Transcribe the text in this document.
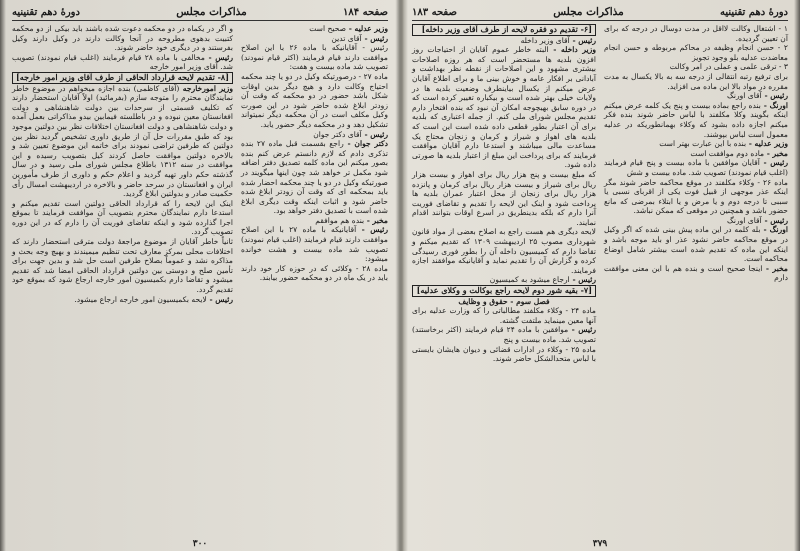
صفحه ۱۸۴
مذاکرات مجلس
دورهٔ دهم تقنینیه

وزیر عدلیه - صحیح است

رئیس - آقای تدین

رئیس - آقایانیکه با ماده ۲۶ با این اصلاح موافقت دارند قیام فرمایند (اکثر قیام نمودند) تصویب شد ماده بیست و هفت:

ماده ۲۷ - درصورتیکه وکیل در دو یا چند محکمه احتیاج وکالت دارد و هیچ دیگر بدین اوقات شکل باشد حضور در دو محکمه که وقت آن زودتر ابلاغ شده حاضر شود در این صورت وکیل مکلف است در آن محکمه دیگر نمیتواند تشکیل دهد و در محکمه دیگر حضور یابد.

رئیس - آقای دکتر جوان

دکتر جوان - راجع بقسمت قبل ماده ۲۷ بنده تذکری دادم که لازم دانستم عرض کنم بنده بصور میکنم این ماده کلمه تصدیق دفتر اضافه شود مکمل تر خواهد شد چون اینها میگویند در صورتیکه وکیل در دو یا چند محکمه احضار شده باید بمحکمه ای که وقت آن زودتر ابلاغ شده حاضر شود و اثبات اینکه وقت دیگری ابلاغ شده است با تصدیق دفتر خواهد بود.

مخبر - بنده هم موافقم

رئیس - آقایانیکه با ماده ۲۷ با این اصلاح موافقت دارند قیام فرمایند (اغلب قیام نمودند) تصویب شد ماده بیست و هشت خوانده میشود:

ماده ۲۸ - وکلائی که در حوزه کار خود دارند باید در یک ماه در دو محکمه حضور بیابند.

و اگر در یکماه در دو محکمه دعوت شده باشند باید بیکی از دو محکمه کتبیت بدهوی مطروحه در آنجا وکالت دارند در وکیل دارند وکیل بفرستند و در دیگری خود حاضر شوند.

رئیس - مخالفی با ماده ۲۸ قیام فرمایند (اغلب قیام نمودند) تصویب شد. آقای وزیر امور خارجه

[۸- تقدیم لایحه قرارداد الحاقی از طرف آقای وزیر امور خارجه]

وزیر امورخارجه (آقای کاظمی) بنده اجازه میخواهم در موضوع خاطر نمایندگان محترم را متوجه سازم (بفرمائید) اولاً آقایان استحضار دارند که تکلیف قسمتی از سرحدات بین دولت شاهنشاهی و دولت افغانستان معین نبوده و در باطلسته فیمابین بیدو مذاکراتی بعمل آمده و دولت شاهنشاهی و دولت افغانستان اختلافات نظر بین دولتین موجود بود که طبق مقررات حل آن از طریق داوری تشخیص گردید نظر بین دولتین که طرفین تراضی نمودند برای خاتمه این موضوع تعیین شد و بالاخره دولتین موافقت حاصل کردند کیل بتصویب رسیده و این موافقت در سنه ۱۳۱۲ باطلاع مجلس شورای ملی رسید و در سال گذشته حکم داور تهیه گردید و اعلام حکم و داوری از طرف مأمورین ایران و افغانستان در سرحد حاضر و بالاخره در اردیبهشت امسال رأی حکمیت صادر و بدولتین ابلاغ گردید.

اینک این لایحه را که قرارداد الحاقی دولتین است تقدیم میکنم و استدعا دارم نمایندگان محترم بتصویب آن موافقت فرمایند تا بموقع اجرا گذارده شود و اینکه تقاضای فوریت آن را دارم که در این دوره تصویب گردد.

ثانیاً خاطر آقایان از موضوع مراجعهٔ دولت مترقی استحضار دارند که اختلافات محلی بمرکز معارف تحت تنظیم میمیندند و بهیچ وجه بحث و مذاکره نشد و عموماً بصلاح طرفین است حل شد و بدین جهت برای تأمین صلح و دوستی بین دولتین قرارداد الحاقی امضا شد که تقدیم میشود و تقاضا دارم بکمیسیون امور خارجه ارجاع شود که بموقع خود تقدیم گردد.

رئیس - لایحه بکمیسیون امور خارجه ارجاع میشود.

۳۰۰
دورهٔ دهم تقنینیه
مذاکرات مجلس
صفحه ۱۸۳

۱ - اشتغال وکالت لااقل در مدت دوسال در درجه که برای آن تعیین گردیده.

۲ - حسن انجام وظیفه در محاکم مربوطه و حسن انجام معاضدت عدلیه بلو وجود تجویز

۳ - ترقی علمی و عملی در امر وکالت

برای ترفیع رتبه انتقالی از درجه سه به بالا یکسال به مدت مقرره در مواد بالا این ماده می افزاید.

رئیس - آقای اورنگ

اورنگ - بنده راجع بماده بیست و پنج یک کلمه عرض میکنم اینکه بگویند وکلا مکلفند با لباس حاضر شوند بنده فکر میکنم اجازه داده بشود که وکلاء بهمانطوریکه در عدلیه معمول است لباس بپوشند.

وزیر عدلیه - بنده با این عبارت بهتر است

مخبر - ماده دوم موافقت است

رئیس - آقایان موافقین با ماده بیست و پنج قیام فرمایند (اغلب قیام نمودند) تصویب شد. ماده بیست و شش

ماده ۲۶ - وکلاء مکلفند در موقع محاکمه حاضر شوند مگر اینکه عذر موجهی از قبیل فوت یکی از اقربای نسبی یا سببی تا درجه دوم و یا مرض و یا ابتلاء بمرضی که مانع حضور باشد و همچنین در موقعی که ممکن نباشد.

رئیس - آقای اورنگ

اورنگ - بله کلمه در این ماده پیش بینی شده که اگر وکیل در موقع محاکمه حاضر نشود عذر او باید موجه باشد و اینکه این ماده که تقدیم شده است بیشتر شامل اوضاع محاکمه است.

مخبر - اینجا صحیح است و بنده هم با این معنی موافقت دارم

[۶- تقدیم دو فقره لایحه از طرف آقای وزیر داخله]

رئیس - آقای وزیر داخله

وزیر داخله - البته خاطر عموم آقایان از احتیاجات روز افزون بلدیه ها مستحضر است که هر روزه اصلاحات بیشتری مشهود و این اصلاحات از نقطه نظر بهداشت و آبادانی بر افکار عامه و خوش بینی ما و برای اطلاع آقایان عرض میکنم از یکسال بیاینطرف وضعیت بلدیه ها در ولایات خیلی بهتر شده است و بیکباره تغییر کرده است که در دوره سابق بهیچوجه امکان آن نبود که بنده افتخار دارم تقدیم مجلس شورای ملی کنم. از جمله اعتباری که بلدیه برای آن اعتبار بطور قطعی داده شده است این است که بلدیه های اهواز و شیراز و کرمان و زنجان محتاج یک مساعدت مالی میباشند و استدعا دارم آقایان موافقت فرمایند که برای پرداخت این مبلغ از اعتبار بلدیه ها صورتی داده شود.

که مبلغ بیست و پنج هزار ریال برای اهواز و بیست هزار ریال برای شیراز و بیست هزار ریال برای کرمان و پانزده هزار ریال برای زنجان از محل اعتبار عمران بلدیه ها پرداخت شود و اینک این لایحه را تقدیم و تقاضای فوریت آنرا دارم که بلکه بدینطریق در اسرع اوقات بتوانند اقدام نمایند.

لایحه دیگری هم هست راجع به اصلاح بعضی از مواد قانون شهرداری مصوب ۲۵ اردیبهشت ۱۳۰۹ که تقدیم میکنم و تقاضا دارم که کمیسیون داخله آن را بطور فوری رسیدگی کرده و گزارش آن را تقدیم نماید و آقایانیکه موافقند اجازه فرمایند.

رئیس - ارجاع میشود به کمیسیون

[۷- بقیه شور دوم لایحه راجع بوکالت و وکلای عدلیه]

فصل سوم - حقوق و وظایف

ماده ۲۴ - وکلاء مکلفند مطالباتی را که وزارت عدلیه برای آنها معین مینماید ملتفت گشته.

رئیس - موافقین با ماده ۲۴ قیام فرمایند (اکثر برخاستند) تصویب شد. ماده بیست و پنج

ماده ۲۵ - وکلاء در ادارات قضائی و دیوان هایشان بایستی با لباس متحدالشکل حاضر شوند.

۳۷۹
